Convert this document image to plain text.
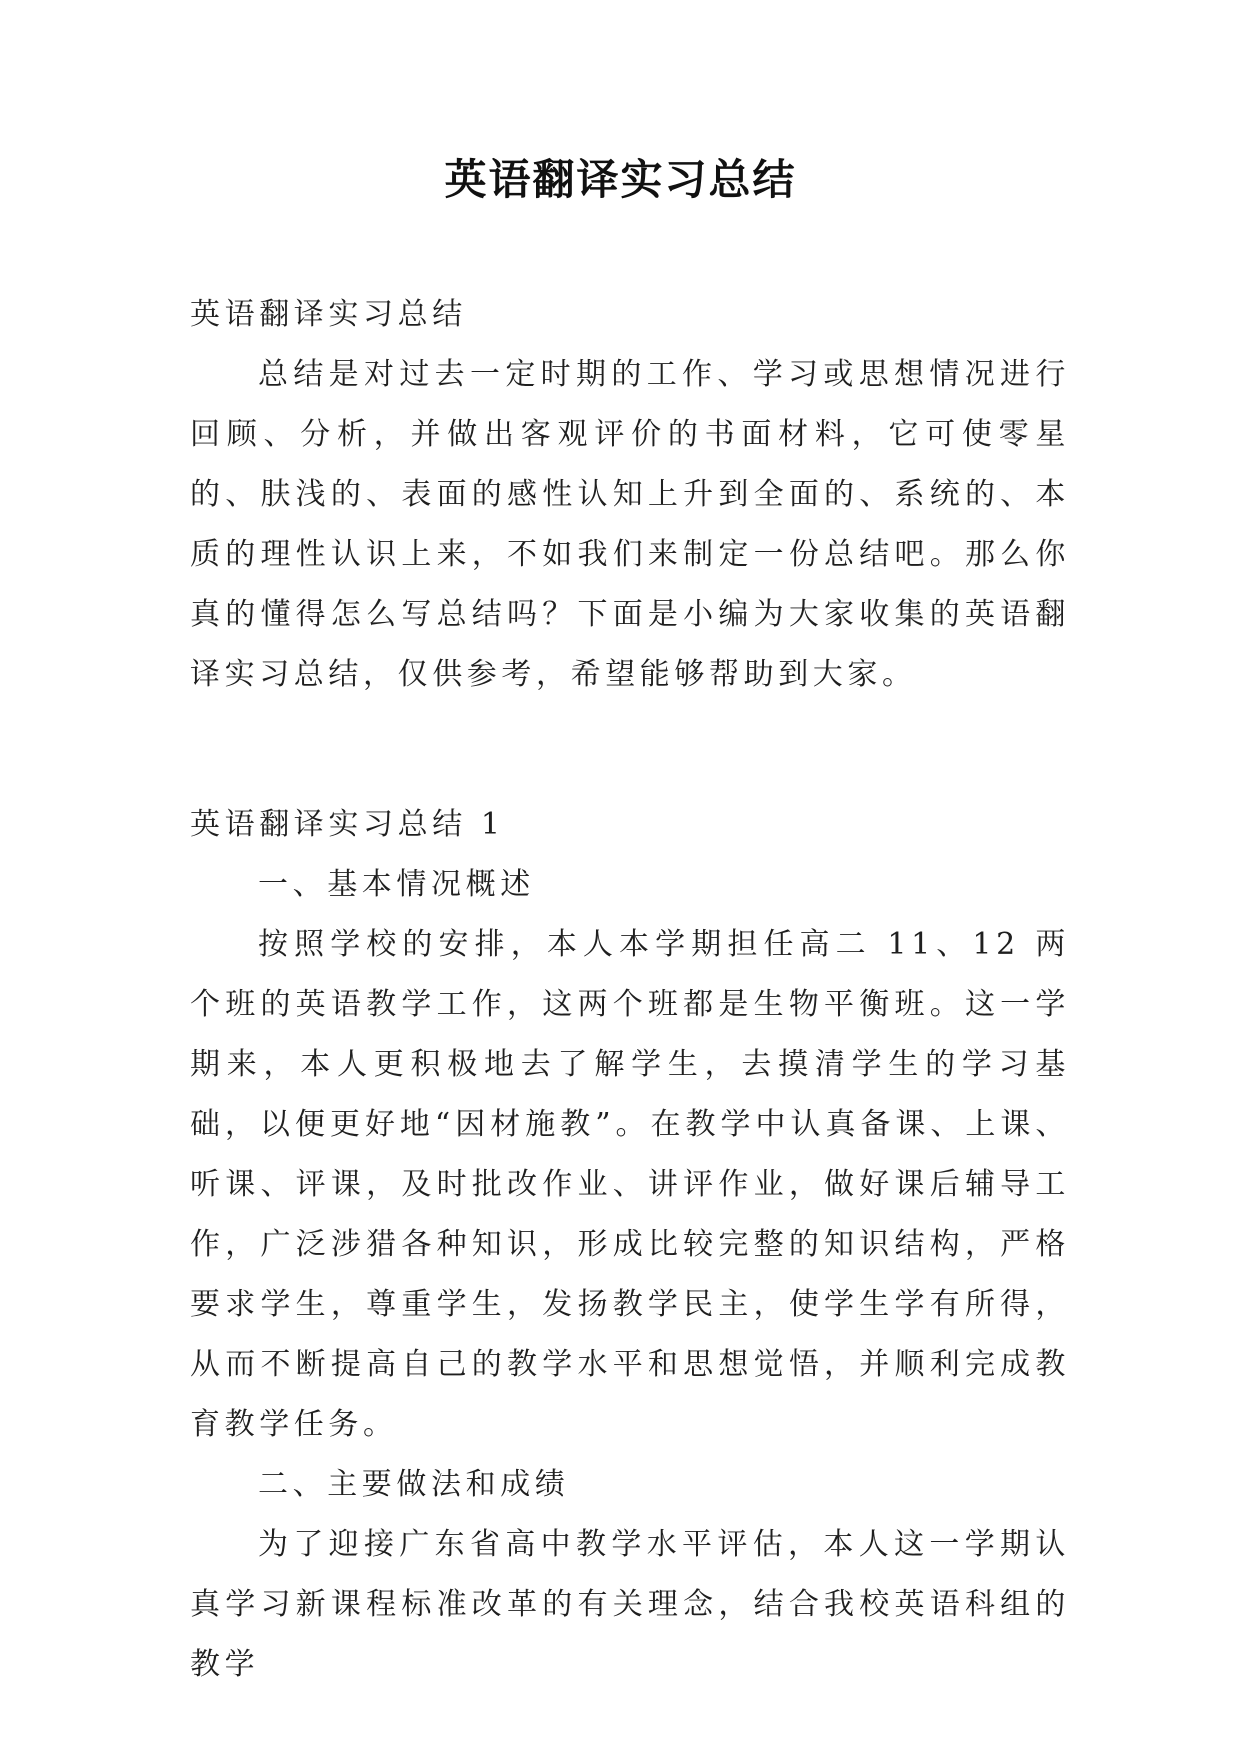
英语翻译实习总结

英语翻译实习总结

总结是对过去一定时期的工作、学习或思想情况进行回顾、分析，并做出客观评价的书面材料，它可使零星的、肤浅的、表面的感性认知上升到全面的、系统的、本质的理性认识上来，不如我们来制定一份总结吧。那么你真的懂得怎么写总结吗？下面是小编为大家收集的英语翻译实习总结，仅供参考，希望能够帮助到大家。

英语翻译实习总结 1

一、基本情况概述

按照学校的安排，本人本学期担任高二 11、12 两个班的英语教学工作，这两个班都是生物平衡班。这一学期来，本人更积极地去了解学生，去摸清学生的学习基础，以便更好地“因材施教”。在教学中认真备课、上课、听课、评课，及时批改作业、讲评作业，做好课后辅导工作，广泛涉猎各种知识，形成比较完整的知识结构，严格要求学生，尊重学生，发扬教学民主，使学生学有所得，从而不断提高自己的教学水平和思想觉悟，并顺利完成教育教学任务。

二、主要做法和成绩

为了迎接广东省高中教学水平评估，本人这一学期认真学习新课程标准改革的有关理念，结合我校英语科组的教学
